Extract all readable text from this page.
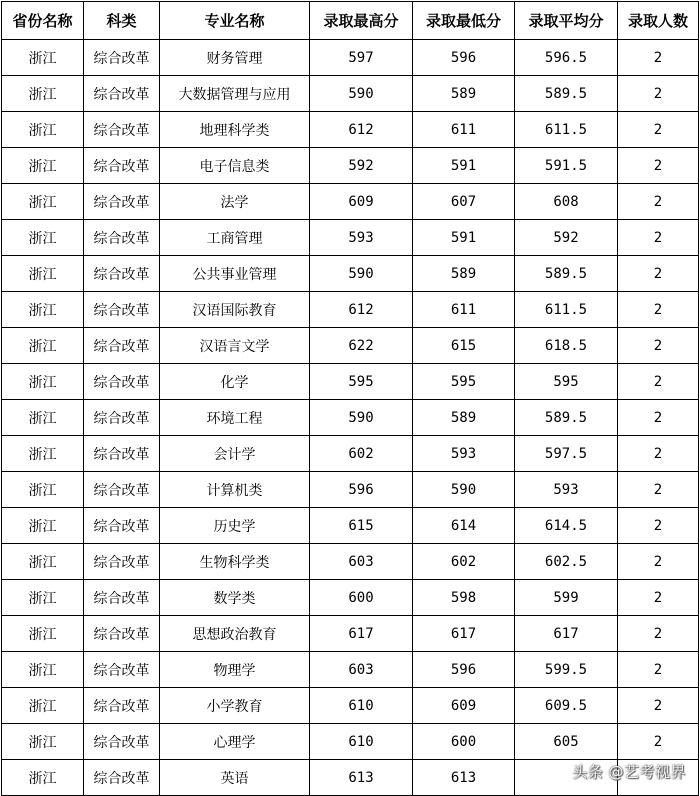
省份名称	科类	专业名称	录取最高分	录取最低分	录取平均分	录取人数
浙江	综合改革	财务管理	597	596	596.5	2
浙江	综合改革	大数据管理与应用	590	589	589.5	2
浙江	综合改革	地理科学类	612	611	611.5	2
浙江	综合改革	电子信息类	592	591	591.5	2
浙江	综合改革	法学	609	607	608	2
浙江	综合改革	工商管理	593	591	592	2
浙江	综合改革	公共事业管理	590	589	589.5	2
浙江	综合改革	汉语国际教育	612	611	611.5	2
浙江	综合改革	汉语言文学	622	615	618.5	2
浙江	综合改革	化学	595	595	595	2
浙江	综合改革	环境工程	590	589	589.5	2
浙江	综合改革	会计学	602	593	597.5	2
浙江	综合改革	计算机类	596	590	593	2
浙江	综合改革	历史学	615	614	614.5	2
浙江	综合改革	生物科学类	603	602	602.5	2
浙江	综合改革	数学类	600	598	599	2
浙江	综合改革	思想政治教育	617	617	617	2
浙江	综合改革	物理学	603	596	599.5	2
浙江	综合改革	小学教育	610	609	609.5	2
浙江	综合改革	心理学	610	600	605	2
浙江	综合改革	英语	613	613			头条 @艺考视界
